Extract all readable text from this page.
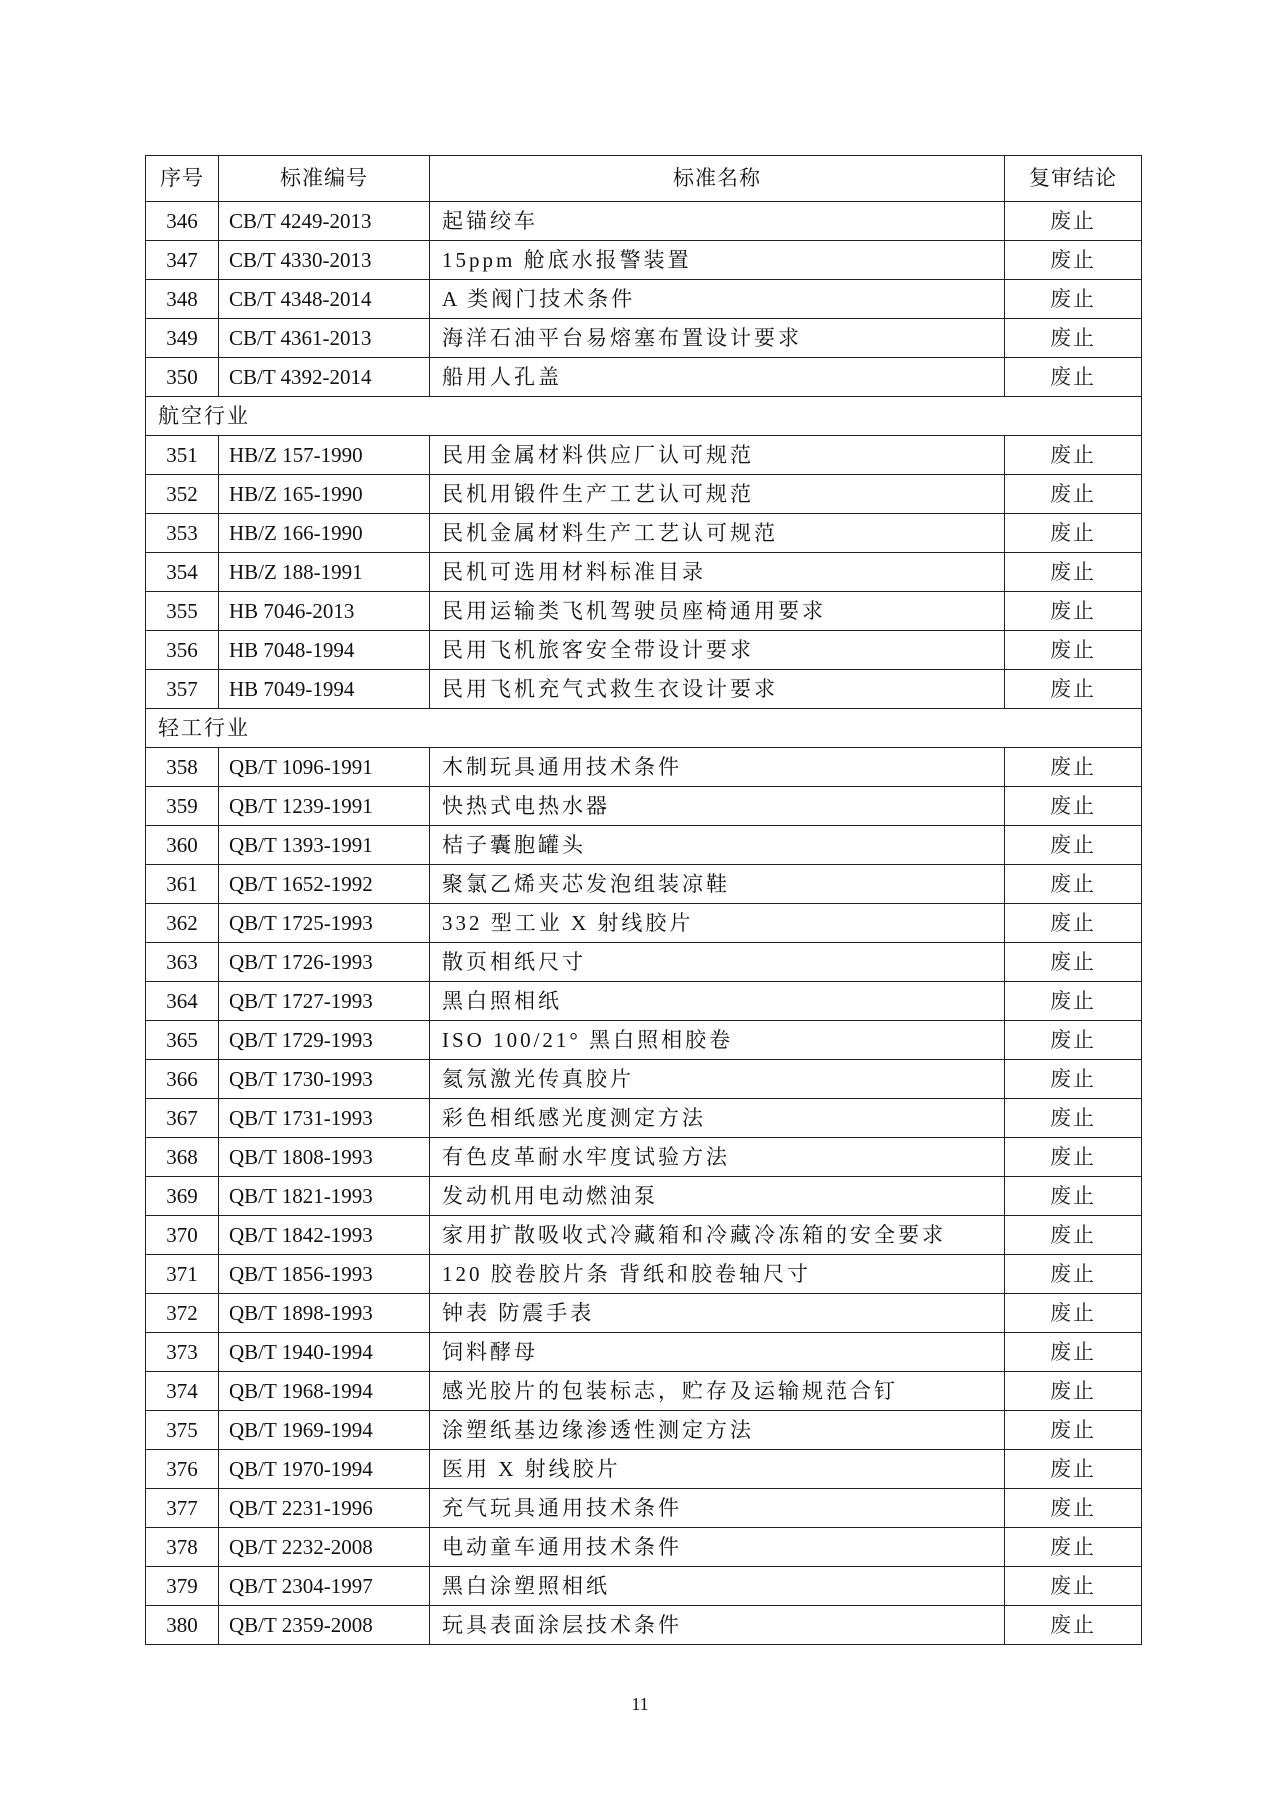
序号	标准编号	标准名称	复审结论
346	CB/T 4249-2013	起锚绞车	废止
347	CB/T 4330-2013	15ppm 舱底水报警装置	废止
348	CB/T 4348-2014	A 类阀门技术条件	废止
349	CB/T 4361-2013	海洋石油平台易熔塞布置设计要求	废止
350	CB/T 4392-2014	船用人孔盖	废止
航空行业			
351	HB/Z 157-1990	民用金属材料供应厂认可规范	废止
352	HB/Z 165-1990	民机用锻件生产工艺认可规范	废止
353	HB/Z 166-1990	民机金属材料生产工艺认可规范	废止
354	HB/Z 188-1991	民机可选用材料标准目录	废止
355	HB 7046-2013	民用运输类飞机驾驶员座椅通用要求	废止
356	HB 7048-1994	民用飞机旅客安全带设计要求	废止
357	HB 7049-1994	民用飞机充气式救生衣设计要求	废止
轻工行业			
358	QB/T 1096-1991	木制玩具通用技术条件	废止
359	QB/T 1239-1991	快热式电热水器	废止
360	QB/T 1393-1991	桔子囊胞罐头	废止
361	QB/T 1652-1992	聚氯乙烯夹芯发泡组装凉鞋	废止
362	QB/T 1725-1993	332 型工业 X 射线胶片	废止
363	QB/T 1726-1993	散页相纸尺寸	废止
364	QB/T 1727-1993	黑白照相纸	废止
365	QB/T 1729-1993	ISO 100/21° 黑白照相胶卷	废止
366	QB/T 1730-1993	氦氖激光传真胶片	废止
367	QB/T 1731-1993	彩色相纸感光度测定方法	废止
368	QB/T 1808-1993	有色皮革耐水牢度试验方法	废止
369	QB/T 1821-1993	发动机用电动燃油泵	废止
370	QB/T 1842-1993	家用扩散吸收式冷藏箱和冷藏冷冻箱的安全要求	废止
371	QB/T 1856-1993	120 胶卷胶片条 背纸和胶卷轴尺寸	废止
372	QB/T 1898-1993	钟表 防震手表	废止
373	QB/T 1940-1994	饲料酵母	废止
374	QB/T 1968-1994	感光胶片的包装标志，贮存及运输规范合钉	废止
375	QB/T 1969-1994	涂塑纸基边缘渗透性测定方法	废止
376	QB/T 1970-1994	医用 X 射线胶片	废止
377	QB/T 2231-1996	充气玩具通用技术条件	废止
378	QB/T 2232-2008	电动童车通用技术条件	废止
379	QB/T 2304-1997	黑白涂塑照相纸	废止
380	QB/T 2359-2008	玩具表面涂层技术条件	废止
11
